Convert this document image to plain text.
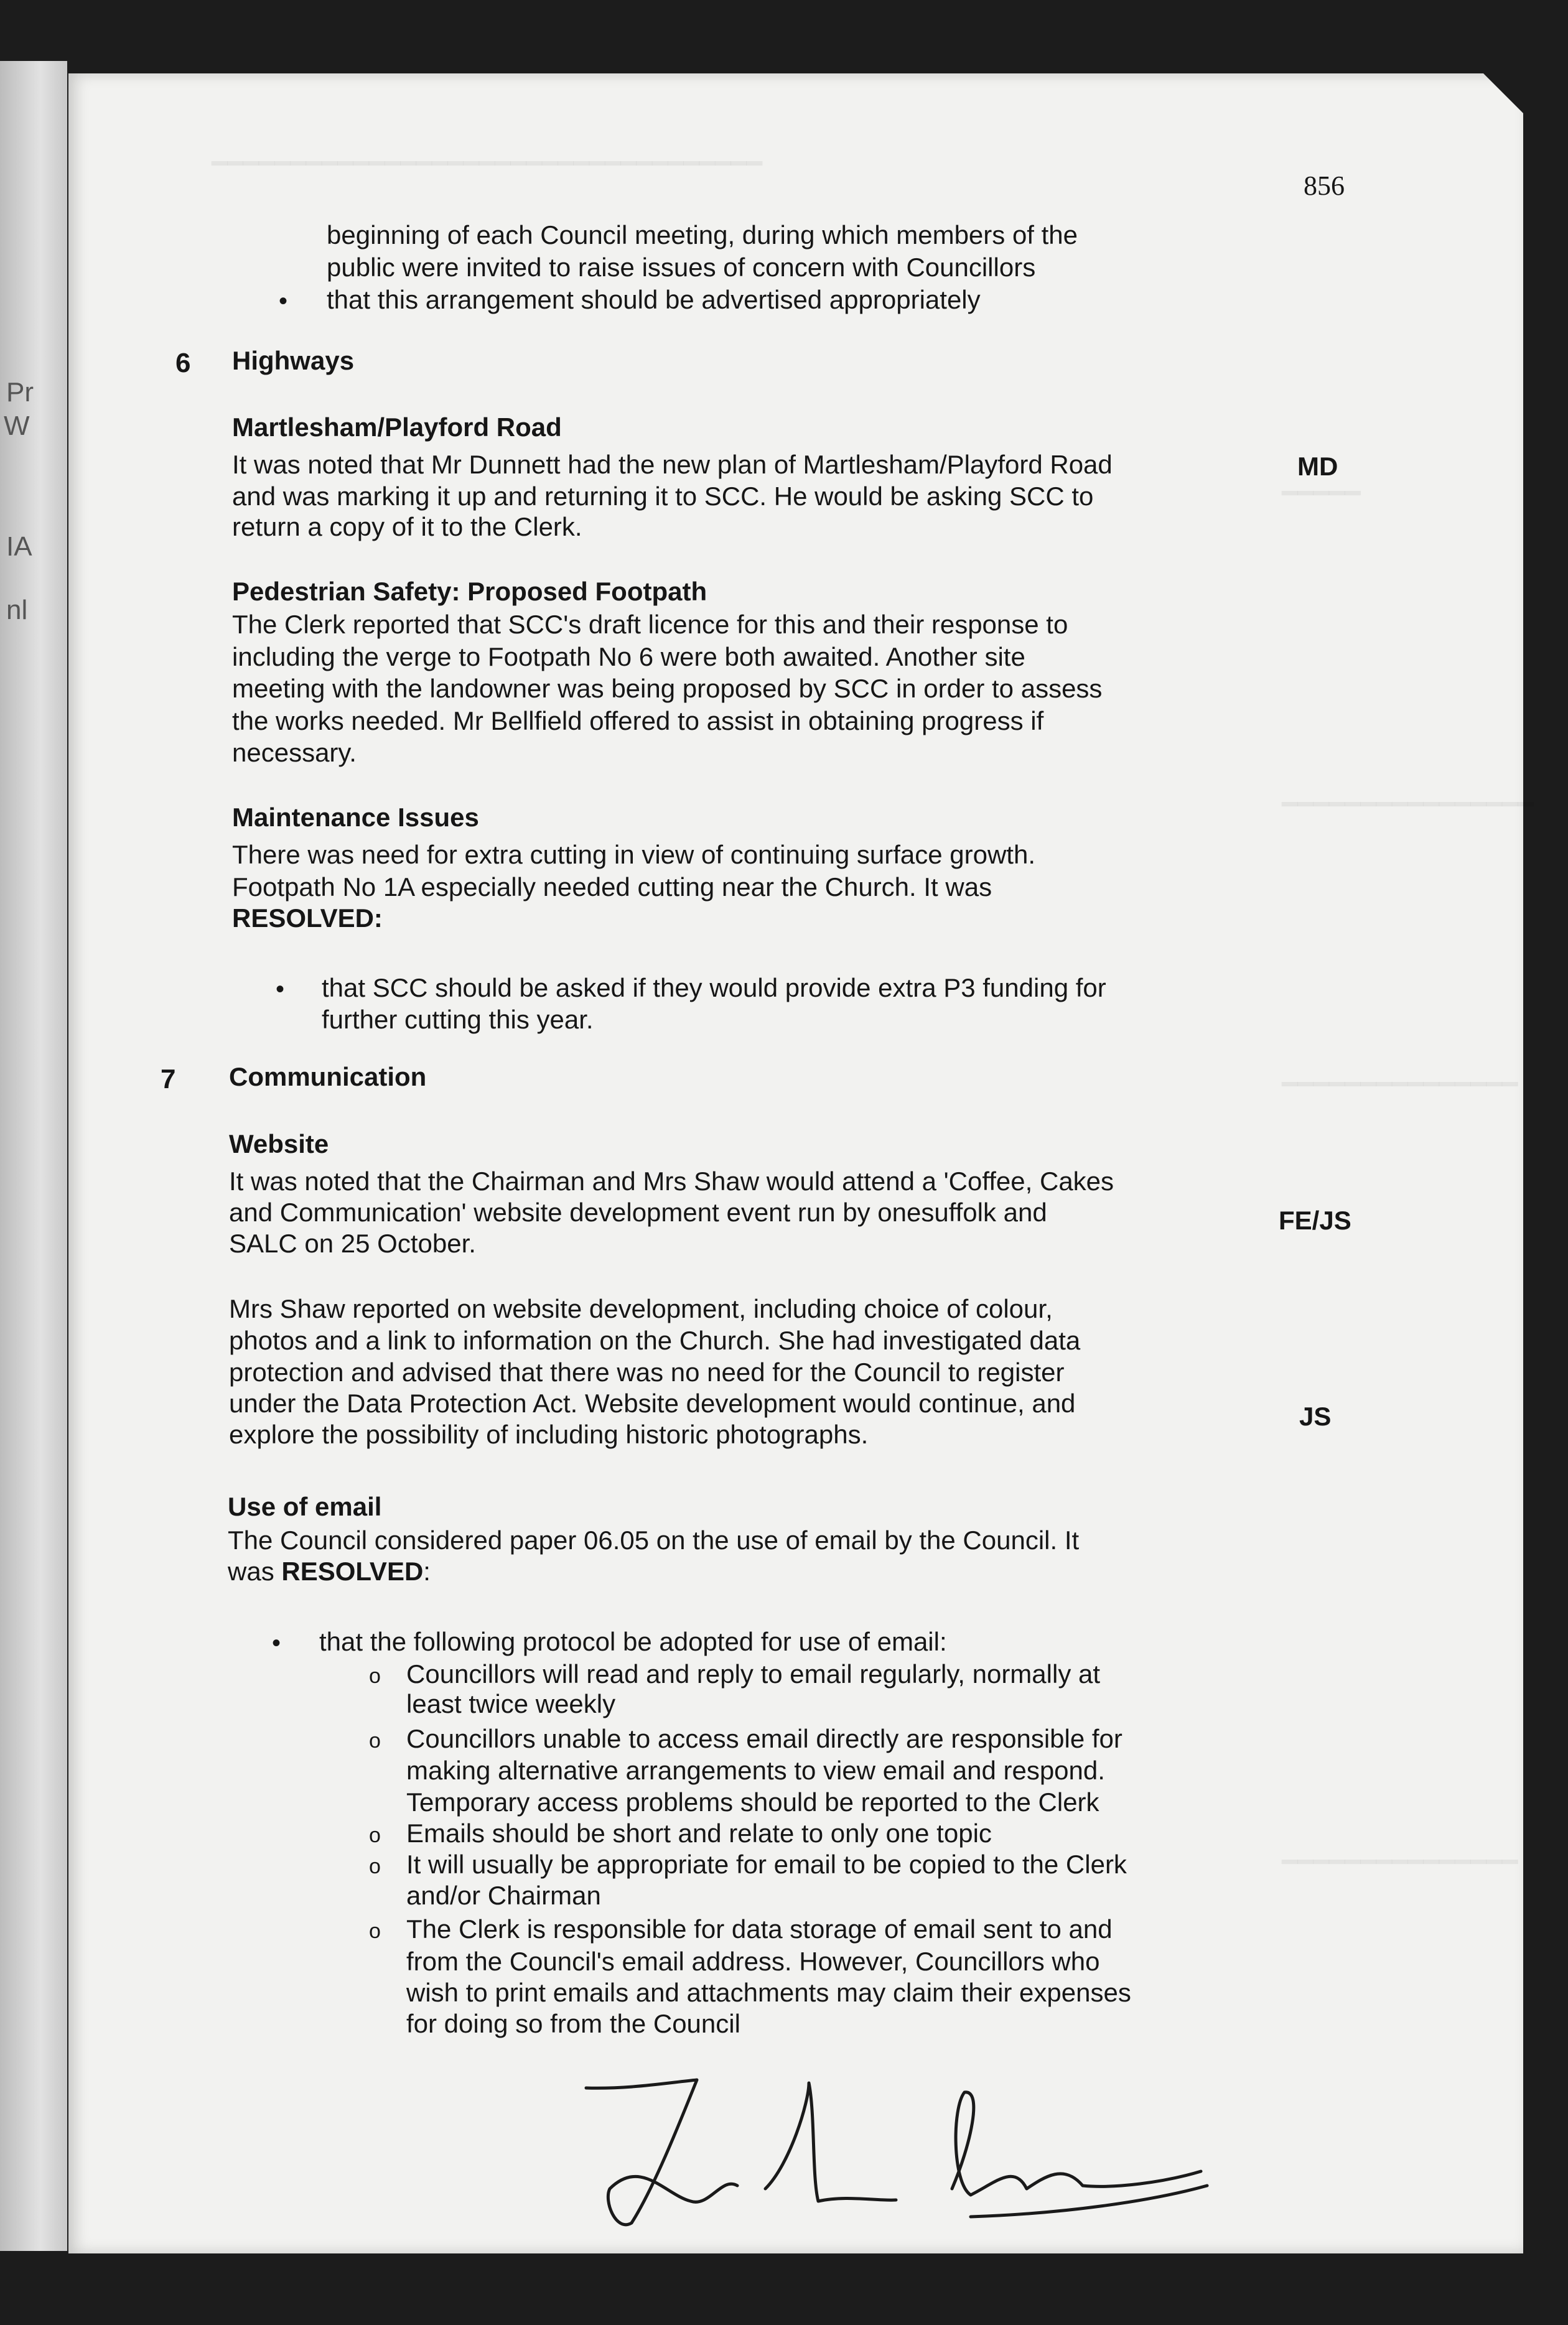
Pr
W
IA
nl
━━━━━━━━━━━━━━━━━━━━━━━━━━━━━━━━━━━
━━━━━
━━━━━━━━━━━━━━━━
━━━━━━━━━━━━━━━
━━━━━━━━━━━━━━━
856
beginning of each Council meeting, during which members of the
public were invited to raise issues of concern with Councillors
• that this arrangement should be advertised appropriately
6 Highways
Martlesham/Playford Road
It was noted that Mr Dunnett had the new plan of Martlesham/Playford Road
and was marking it up and returning it to SCC. He would be asking SCC to
return a copy of it to the Clerk.
MD
Pedestrian Safety: Proposed Footpath
The Clerk reported that SCC's draft licence for this and their response to
including the verge to Footpath No 6 were both awaited. Another site
meeting with the landowner was being proposed by SCC in order to assess
the works needed. Mr Bellfield offered to assist in obtaining progress if
necessary.
Maintenance Issues
There was need for extra cutting in view of continuing surface growth.
Footpath No 1A especially needed cutting near the Church. It was
RESOLVED:
• that SCC should be asked if they would provide extra P3 funding for
further cutting this year.
7 Communication
Website
It was noted that the Chairman and Mrs Shaw would attend a 'Coffee, Cakes
and Communication' website development event run by onesuffolk and
SALC on 25 October.
FE/JS
Mrs Shaw reported on website development, including choice of colour,
photos and a link to information on the Church. She had investigated data
protection and advised that there was no need for the Council to register
under the Data Protection Act. Website development would continue, and
explore the possibility of including historic photographs.
JS
Use of email
The Council considered paper 06.05 on the use of email by the Council. It
was RESOLVED:
• that the following protocol be adopted for use of email:
o Councillors will read and reply to email regularly, normally at
least twice weekly
o Councillors unable to access email directly are responsible for
making alternative arrangements to view email and respond.
Temporary access problems should be reported to the Clerk
o Emails should be short and relate to only one topic
o It will usually be appropriate for email to be copied to the Clerk
and/or Chairman
o The Clerk is responsible for data storage of email sent to and
from the Council's email address. However, Councillors who
wish to print emails and attachments may claim their expenses
for doing so from the Council
